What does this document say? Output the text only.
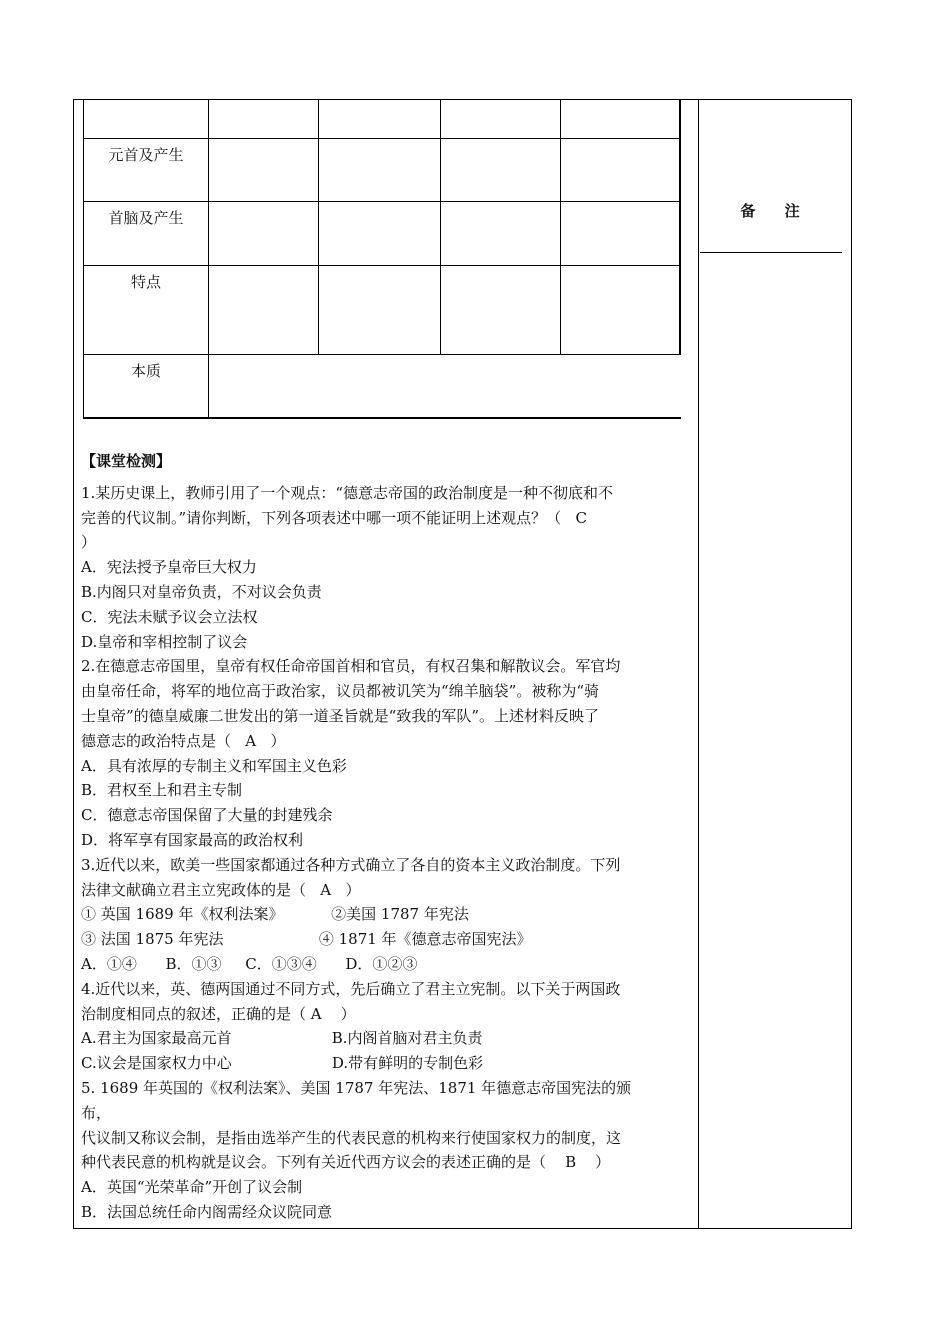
备 注
元首及产生
首脑及产生
特点
本质

【课堂检测】

1.某历史课上，教师引用了一个观点：“德意志帝国的政治制度是一种不彻底和不

完善的代议制。”请你判断，下列各项表述中哪一项不能证明上述观点？（   C

）

A．宪法授予皇帝巨大权力

B.内阁只对皇帝负责，不对议会负责

C．宪法未赋予议会立法权

D.皇帝和宰相控制了议会

2.在德意志帝国里，皇帝有权任命帝国首相和官员，有权召集和解散议会。军官均

由皇帝任命，将军的地位高于政治家，议员都被讥笑为“绵羊脑袋”。被称为“骑

士皇帝”的德皇威廉二世发出的第一道圣旨就是“致我的军队”。上述材料反映了

德意志的政治特点是（   A   ）

A．具有浓厚的专制主义和军国主义色彩

B．君权至上和君主专制

C．德意志帝国保留了大量的封建残余

D．将军享有国家最高的政治权利

3.近代以来，欧美一些国家都通过各种方式确立了各自的资本主义政治制度。下列

法律文献确立君主立宪政体的是（   A   ）

① 英国 1689 年《权利法案》          ②美国 1787 年宪法

③ 法国 1875 年宪法                    ④ 1871 年《德意志帝国宪法》

A．①④      B．①③     C．①③④      D．①②③

4.近代以来，英、德两国通过不同方式，先后确立了君主立宪制。以下关于两国政

治制度相同点的叙述，正确的是（ A    ）

A.君主为国家最高元首                     B.内阁首脑对君主负责

C.议会是国家权力中心                     D.带有鲜明的专制色彩

5. 1689 年英国的《权利法案》、美国 1787 年宪法、1871 年德意志帝国宪法的颁

布，

代议制又称议会制，是指由选举产生的代表民意的机构来行使国家权力的制度，这

种代表民意的机构就是议会。下列有关近代西方议会的表述正确的是（    B    ）

A．英国“光荣革命”开创了议会制

B．法国总统任命内阁需经众议院同意
